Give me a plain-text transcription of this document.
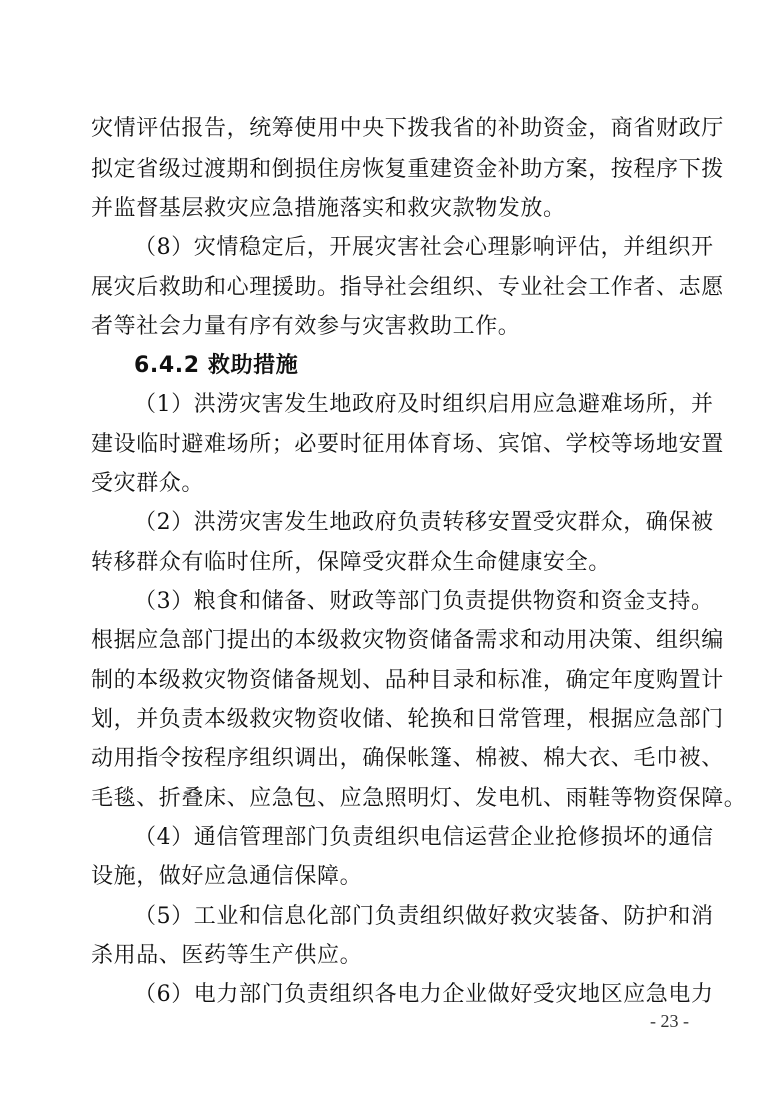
灾情评估报告，统筹使用中央下拨我省的补助资金，商省财政厅
拟定省级过渡期和倒损住房恢复重建资金补助方案，按程序下拨
并监督基层救灾应急措施落实和救灾款物发放。
（8）灾情稳定后，开展灾害社会心理影响评估，并组织开
展灾后救助和心理援助。指导社会组织、专业社会工作者、志愿
者等社会力量有序有效参与灾害救助工作。
6.4.2 救助措施
（1）洪涝灾害发生地政府及时组织启用应急避难场所，并
建设临时避难场所；必要时征用体育场、宾馆、学校等场地安置
受灾群众。
（2）洪涝灾害发生地政府负责转移安置受灾群众，确保被
转移群众有临时住所，保障受灾群众生命健康安全。
（3）粮食和储备、财政等部门负责提供物资和资金支持。
根据应急部门提出的本级救灾物资储备需求和动用决策、组织编
制的本级救灾物资储备规划、品种目录和标准，确定年度购置计
划，并负责本级救灾物资收储、轮换和日常管理，根据应急部门
动用指令按程序组织调出，确保帐篷、棉被、棉大衣、毛巾被、
毛毯、折叠床、应急包、应急照明灯、发电机、雨鞋等物资保障。
（4）通信管理部门负责组织电信运营企业抢修损坏的通信
设施，做好应急通信保障。
（5）工业和信息化部门负责组织做好救灾装备、防护和消
杀用品、医药等生产供应。
（6）电力部门负责组织各电力企业做好受灾地区应急电力
- 23 -
